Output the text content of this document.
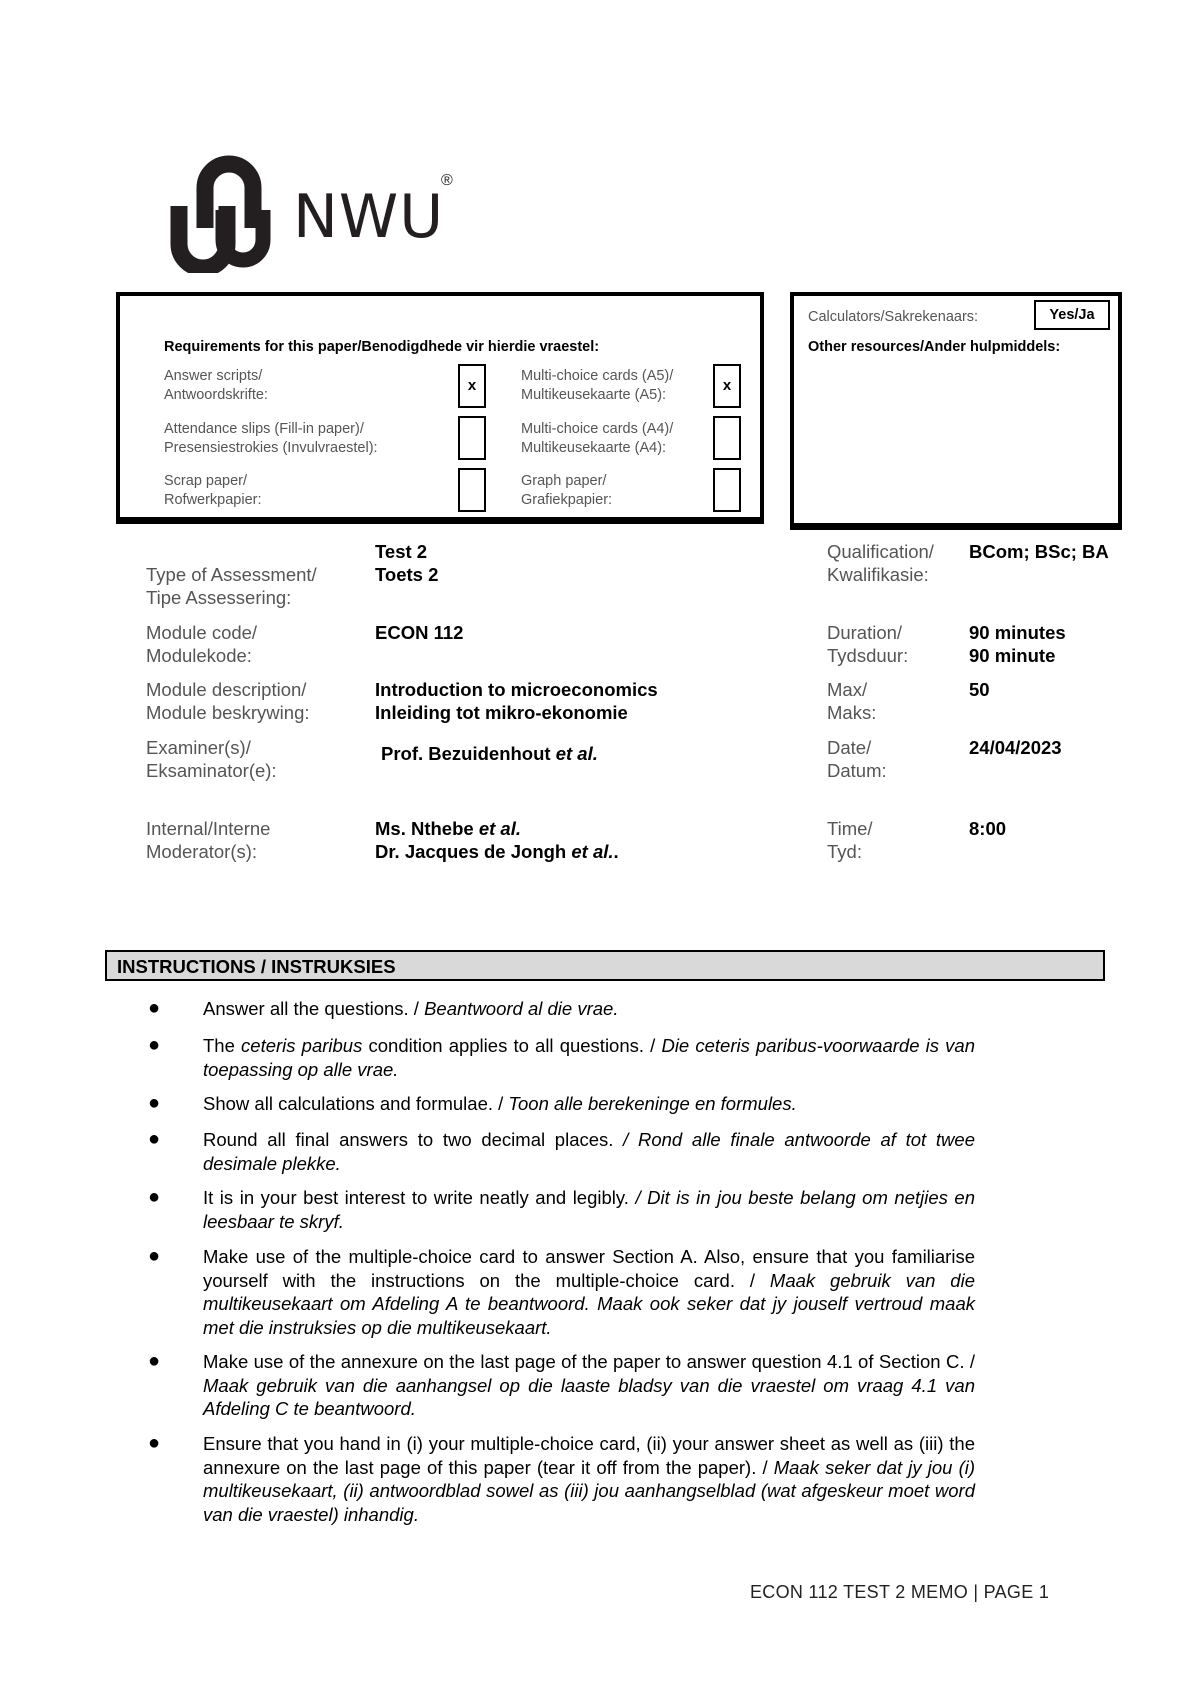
NWU
®
Requirements for this paper/Benodigdhede vir hierdie vraestel:
Answer scripts/
Antwoordskrifte:
x
Multi-choice cards (A5)/
Multikeusekaarte (A5):
x
Attendance slips (Fill-in paper)/
Presensiestrokies (Invulvraestel):
Multi-choice cards (A4)/
Multikeusekaarte (A4):
Scrap paper/
Rofwerkpapier:
Graph paper/
Grafiekpapier:
Calculators/Sakrekenaars:	Yes/Ja
Other resources/Ander hulpmiddels:
Type of Assessment/
Tipe Assessering:
Test 2
Toets 2
Module code/
Modulekode:
ECON 112
Module description/
Module beskrywing:
Introduction to microeconomics
Inleiding tot mikro-ekonomie
Examiner(s)/
Eksaminator(e):
Prof. Bezuidenhout et al.
Internal/Interne
Moderator(s):
Ms. Nthebe et al.
Dr. Jacques de Jongh et al..
Qualification/
Kwalifikasie:
BCom; BSc; BA
Duration/
Tydsduur:
90 minutes
90 minute
Max/
Maks:
50
Date/
Datum:
24/04/2023
Time/
Tyd:
8:00
INSTRUCTIONS / INSTRUKSIES
● Answer all the questions. / Beantwoord al die vrae.
● The ceteris paribus condition applies to all questions. / Die ceteris paribus-voorwaarde is van toepassing op alle vrae.
● Show all calculations and formulae. / Toon alle berekeninge en formules.
● Round all final answers to two decimal places. / Rond alle finale antwoorde af tot twee desimale plekke.
● It is in your best interest to write neatly and legibly. / Dit is in jou beste belang om netjies en leesbaar te skryf.
● Make use of the multiple-choice card to answer Section A. Also, ensure that you familiarise yourself with the instructions on the multiple-choice card. / Maak gebruik van die multikeusekaart om Afdeling A te beantwoord. Maak ook seker dat jy jouself vertroud maak met die instruksies op die multikeusekaart.
● Make use of the annexure on the last page of the paper to answer question 4.1 of Section C. / Maak gebruik van die aanhangsel op die laaste bladsy van die vraestel om vraag 4.1 van Afdeling C te beantwoord.
● Ensure that you hand in (i) your multiple-choice card, (ii) your answer sheet as well as (iii) the annexure on the last page of this paper (tear it off from the paper). / Maak seker dat jy jou (i) multikeusekaart, (ii) antwoordblad sowel as (iii) jou aanhangselblad (wat afgeskeur moet word van die vraestel) inhandig.
ECON 112 TEST 2 MEMO | PAGE 1
